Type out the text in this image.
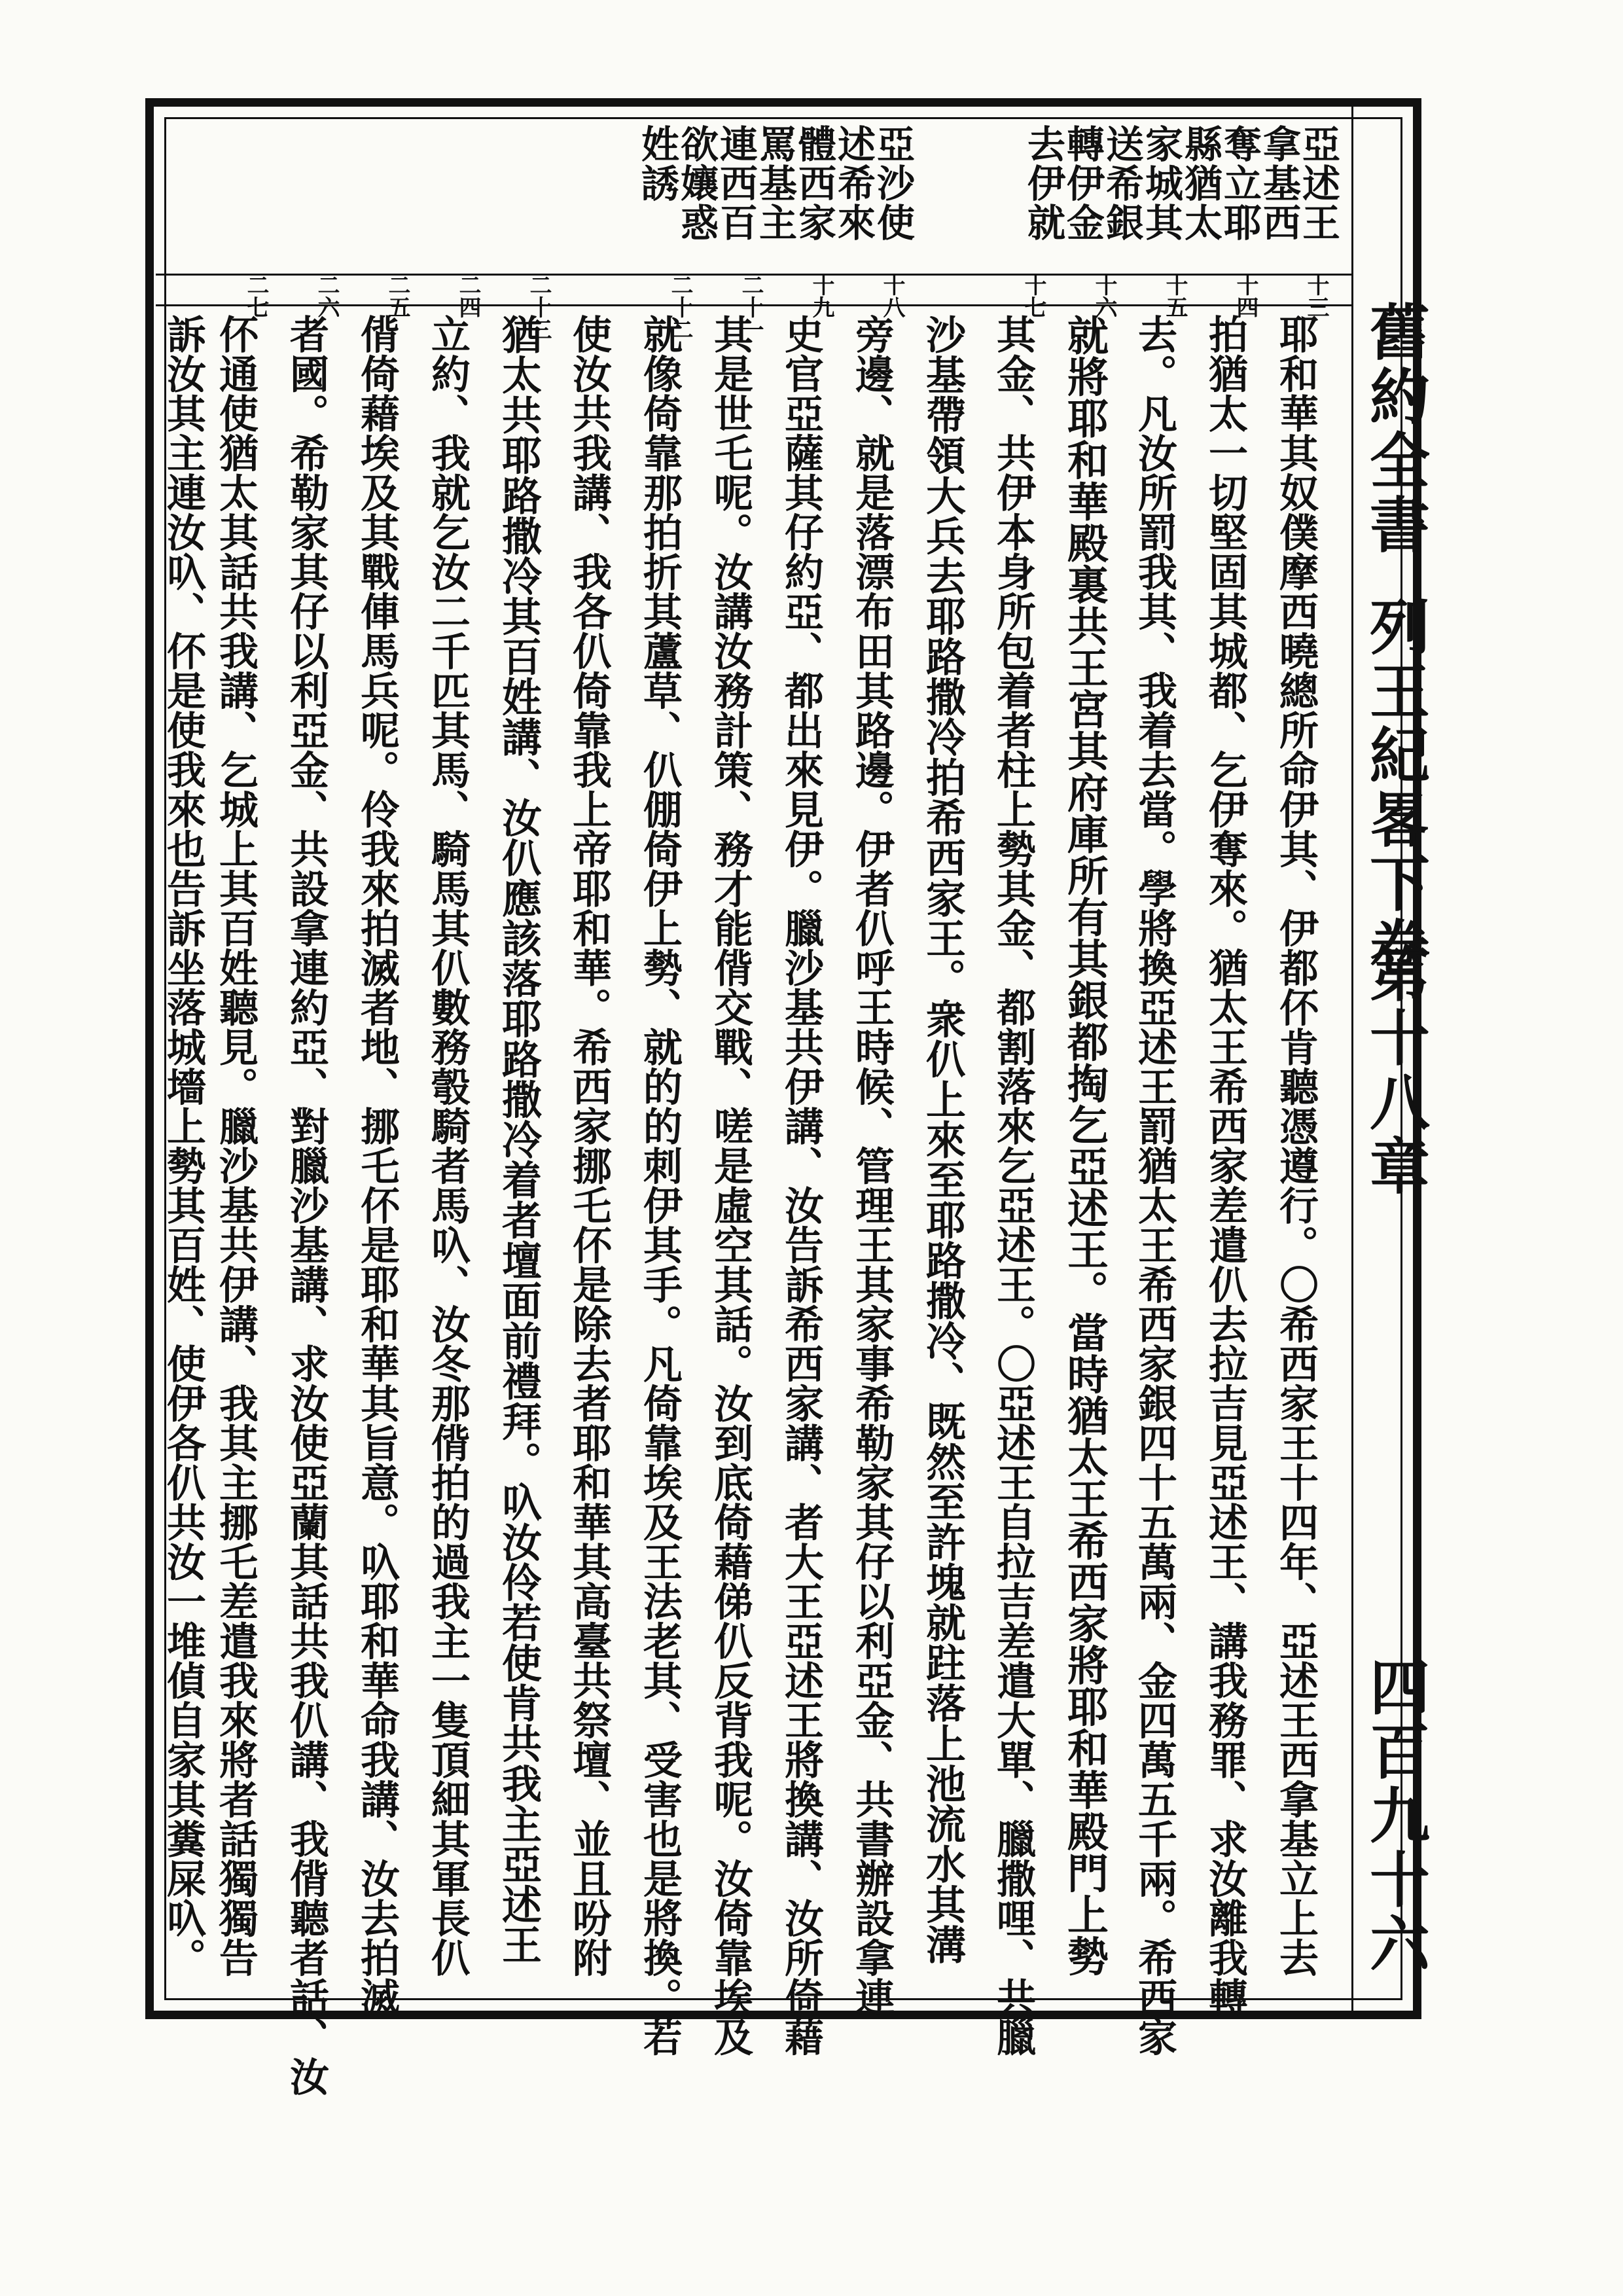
舊約全書
列王紀畧下卷
第十八章
四百九十六
亞述王
拿基西
奪立耶
縣猶太
家城其
送希銀
轉伊金
去伊就
亞沙使
述希來
體西家
罵基主
連西百
欲孃惑
姓誘
十三
十四
十五
十六
十七
十八
十九
二十一
二十二
二十三
二四
二五
二六
二七
耶和華其奴僕摩西曉總所命伊其、伊都伓肯聽憑遵行。〇希西家王十四年、亞述王西拿基立上去
拍猶太一切堅固其城都、乞伊奪來。猶太王希西家差遣仈去拉吉見亞述王、講我務罪、求汝離我轉
去。凡汝所罰我其、我着去當。學將換亞述王罰猶太王希西家銀四十五萬兩、金四萬五千兩。希西家
就將耶和華殿裏共王宮其府庫所有其銀都掏乞亞述王。當時猶太王希西家將耶和華殿門上勢
其金、共伊本身所包着者柱上勢其金、都割落來乞亞述王。〇亞述王自拉吉差遣大單、臘撒哩、共臘
沙基帶領大兵去耶路撒冷拍希西家王。衆仈上來至耶路撒冷、既然至許塊就跓落上池流水其溝
旁邊、就是落漂布田其路邊。伊者仈呼王時候、管理王其家事希勒家其仔以利亞金、共書辦設拿連
史官亞薩其仔約亞、都出來見伊。臘沙基共伊講、汝告訴希西家講、者大王亞述王將換講、汝所倚藉
其是世乇呢。汝講汝務計策、務才能偝交戰、嗟是虛空其話。汝到底倚藉俤仈反背我呢。汝倚靠埃及
就像倚靠那拍折其蘆草、仈倗倚伊上勢、就的的刺伊其手。凡倚靠埃及王法老其、受害也是將換。若
使汝共我講、我各仈倚靠我上帝耶和華。希西家挪乇伓是除去者耶和華其高臺共祭壇、並且吩附
猶太共耶路撒冷其百姓講、汝仈應該落耶路撒冷着者壇面前禮拜。叺汝伶若使肯共我主亞述王
立約、我就乞汝二千匹其馬、騎馬其仈數務彀騎者馬叺、汝冬那偝拍的過我主一隻頂細其軍長仈
偝倚藉埃及其戰俥馬兵呢。伶我來拍滅者地、挪乇伓是耶和華其旨意。叺耶和華命我講、汝去拍滅
者國。希勒家其仔以利亞金、共設拿連約亞、對臘沙基講、求汝使亞蘭其話共我仈講、我偝聽者話、汝
伓通使猶太其話共我講、乞城上其百姓聽見。臘沙基共伊講、我其主挪乇差遣我來將者話獨獨告
訴汝其主連汝叺、伓是使我來也告訴坐落城墻上勢其百姓、使伊各仈共汝一堆偵自家其糞屎叺。
